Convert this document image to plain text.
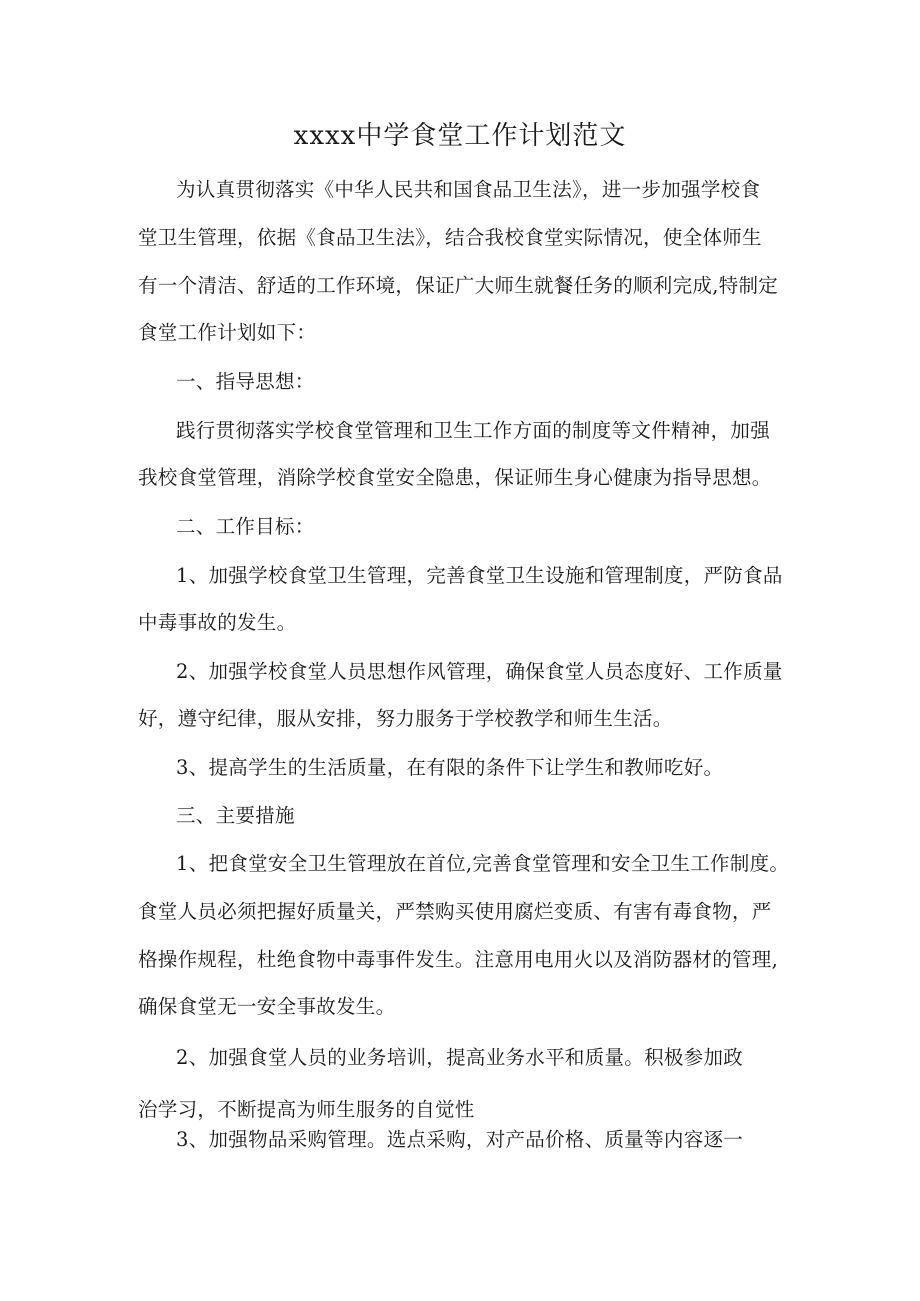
xxxx中学食堂工作计划范文
为认真贯彻落实《中华人民共和国食品卫生法》，进一步加强学校食
堂卫生管理，依据《食品卫生法》，结合我校食堂实际情况，使全体师生
有一个清洁、舒适的工作环境，保证广大师生就餐任务的顺利完成,特制定
食堂工作计划如下：
一、指导思想：
践行贯彻落实学校食堂管理和卫生工作方面的制度等文件精神，加强
我校食堂管理，消除学校食堂安全隐患，保证师生身心健康为指导思想。
二、工作目标：
1、加强学校食堂卫生管理，完善食堂卫生设施和管理制度，严防食品
中毒事故的发生。
2、加强学校食堂人员思想作风管理，确保食堂人员态度好、工作质量
好，遵守纪律，服从安排，努力服务于学校教学和师生生活。
3、提高学生的生活质量，在有限的条件下让学生和教师吃好。
三、主要措施
1、把食堂安全卫生管理放在首位,完善食堂管理和安全卫生工作制度。
食堂人员必须把握好质量关，严禁购买使用腐烂变质、有害有毒食物，严
格操作规程，杜绝食物中毒事件发生。注意用电用火以及消防器材的管理,
确保食堂无一安全事故发生。
2、加强食堂人员的业务培训，提高业务水平和质量。积极参加政
治学习，不断提高为师生服务的自觉性
3、加强物品采购管理。选点采购，对产品价格、质量等内容逐一
